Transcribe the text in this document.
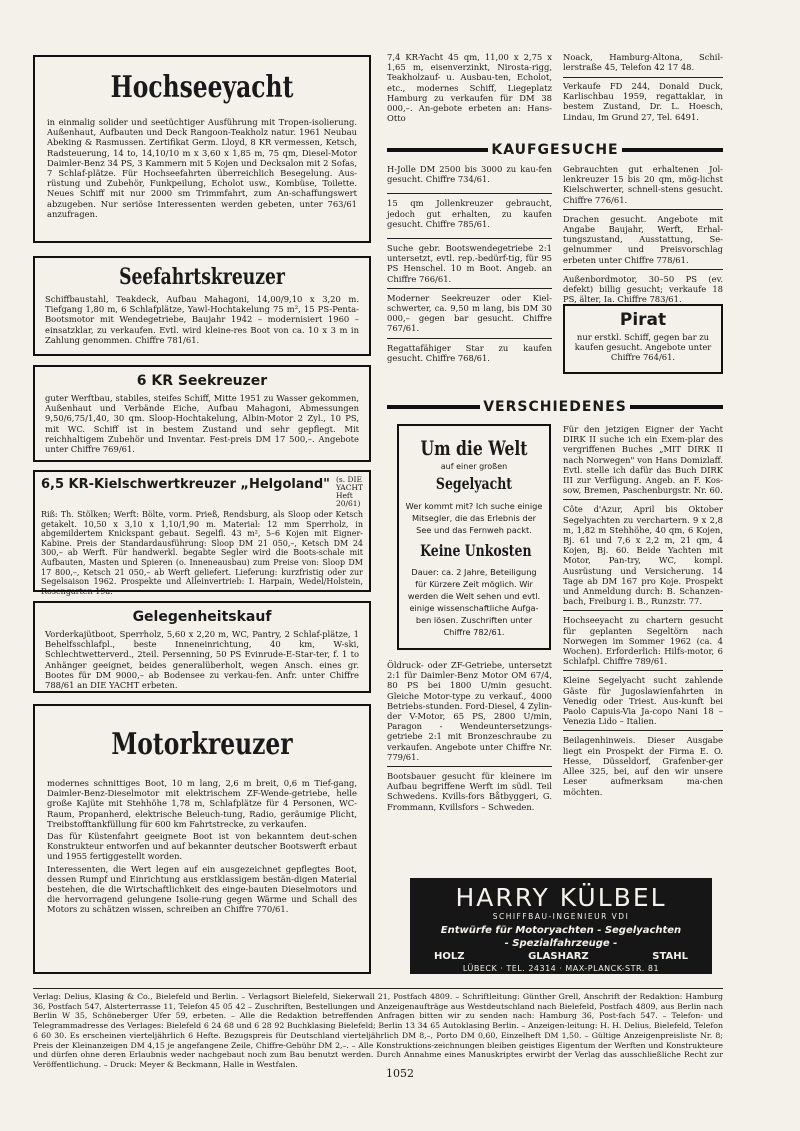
Hochseeyacht

in einmalig solider und seetüchtiger Ausführung mit Tropen-isolierung. Außenhaut, Aufbauten und Deck Rangoon-Teakholz natur. 1961 Neubau Abeking & Rasmussen. Zertifikat Germ. Lloyd, 8 KR vermessen, Ketsch, Radsteuerung, 14 to, 14,10/10 m x 3,60 x 1,85 m, 75 qm, Diesel-Motor Daimler-Benz 34 PS, 3 Kammern mit 5 Kojen und Decksalon mit 2 Sofas, 7 Schlaf-plätze. Für Hochseefahrten überreichlich Besegelung. Aus-rüstung und Zubehör, Funkpeilung, Echolot usw., Kombüse, Toilette. Neues Schiff mit nur 2000 sm Trimmfahrt, zum An-schaffungswert abzugeben. Nur seriöse Interessenten werden gebeten, unter 763/61 anzufragen.

Seefahrtskreuzer

Schiffbaustahl, Teakdeck, Aufbau Mahagoni, 14,00/9,10 x 3,20 m. Tiefgang 1,80 m, 6 Schlafplätze, Yawl-Hochtakelung 75 m², 15 PS-Penta-Bootsmotor mit Wendegetriebe, Baujahr 1942 – modernisiert 1960 – einsatzklar, zu verkaufen. Evtl. wird kleine-res Boot von ca. 10 x 3 m in Zahlung genommen. Chiffre 781/61.

6 KR Seekreuzer

guter Werftbau, stabiles, steifes Schiff, Mitte 1951 zu Wasser gekommen, Außenhaut und Verbände Eiche, Aufbau Mahagoni, Abmessungen 9,50/6,75/1,40, 30 qm. Sloop-Hochtakelung, Albin-Motor 2 Zyl., 10 PS, mit WC. Schiff ist in bestem Zustand und sehr gepflegt. Mit reichhaltigem Zubehör und Inventar. Fest-preis DM 17 500,–. Angebote unter Chiffre 769/61.

6,5 KR-Kielschwertkreuzer „Helgoland" (s. DIE YACHT Heft 20/61)

Riß: Th. Stölken; Werft: Bölte, vorm. Prieß, Rendsburg, als Sloop oder Ketsch getakelt. 10,50 x 3,10 x 1,10/1,90 m. Material: 12 mm Sperrholz, in abgemildertem Knickspant gebaut. Segelfl. 43 m², 5–6 Kojen mit Eigner-Kabine. Preis der Standardausführung: Sloop DM 21 050,–, Ketsch DM 24 300,– ab Werft. Für handwerkl. begabte Segler wird die Boots-schale mit Aufbauten, Masten und Spieren (o. Inneneausbau) zum Preise von: Sloop DM 17 800,–, Ketsch 21 050,– ab Werft geliefert. Lieferung: kurzfristig oder zur Segelsaison 1962. Prospekte und Alleinvertrieb: I. Harpain, Wedel/Holstein, Rosengarten 19a.

Gelegenheitskauf

Vorderkajütboot, Sperrholz, 5,60 x 2,20 m, WC, Pantry, 2 Schlaf-plätze, 1 Behelfsschlafpl., beste Inneneinrichtung, 40 km, W-ski, Schlechtwetterverd., 2teil. Persenning, 50 PS Evinrude-E-Star-ter, f. 1 to Anhänger geeignet, beides generalüberholt, wegen Ansch. eines gr. Bootes für DM 9000,– ab Bodensee zu verkau-fen. Anfr. unter Chiffre 788/61 an DIE YACHT erbeten.

Motorkreuzer

modernes schnittiges Boot, 10 m lang, 2,6 m breit, 0,6 m Tief-gang, Daimler-Benz-Dieselmotor mit elektrischem ZF-Wende-getriebe, helle große Kajüte mit Stehhöhe 1,78 m, Schlafplätze für 4 Personen, WC-Raum, Propanherd, elektrische Beleuch-tung, Radio, geräumige Plicht, Treibstofftankfüllung für 600 km Fahrtstrecke, zu verkaufen.

Das für Küstenfahrt geeignete Boot ist von bekanntem deut-schen Konstrukteur entworfen und auf bekannter deutscher Bootswerft erbaut und 1955 fertiggestellt worden.

Interessenten, die Wert legen auf ein ausgezeichnet gepflegtes Boot, dessen Rumpf und Einrichtung aus erstklassigem bestän-digen Material bestehen, die die Wirtschaftlichkeit des einge-bauten Dieselmotors und die hervorragend gelungene Isolie-rung gegen Wärme und Schall des Motors zu schätzen wissen, schreiben an Chiffre 770/61.

7,4 KR-Yacht 45 qm, 11,00 x 2,75 x 1,65 m, eisenverzinkt, Nirosta-rigg, Teakholzauf- u. Ausbau-ten, Echolot, etc., modernes Schiff, Liegeplatz Hamburg zu verkaufen für DM 38 000,–. An-gebote erbeten an: Hans-Otto

Noack, Hamburg-Altona, Schil-lerstraße 45, Telefon 42 17 48.

Verkaufe FD 244, Donald Duck, Karlischbau 1959, regattaklar, in bestem Zustand, Dr. L. Hoesch, Lindau, Im Grund 27, Tel. 6491.

KAUFGESUCHE

H-Jolle DM 2500 bis 3000 zu kau-fen gesucht. Chiffre 734/61.

15 qm Jollenkreuzer gebraucht, jedoch gut erhalten, zu kaufen gesucht. Chiffre 785/61.

Suche gebr. Bootswendegetriebe 2:1 untersetzt, evtl. rep.-bedürf-tig, für 95 PS Henschel. 10 m Boot. Angeb. an Chiffre 766/61.

Moderner Seekreuzer oder Kiel-schwerter, ca. 9,50 m lang, bis DM 30 000,– gegen bar gesucht. Chiffre 767/61.

Regattafähiger Star zu kaufen gesucht. Chiffre 768/61.

Gebrauchten gut erhaltenen Jol-lenkreuzer 15 bis 20 qm, mög-lichst Kielschwerter, schnell-stens gesucht. Chiffre 776/61.

Drachen gesucht. Angebote mit Angabe Baujahr, Werft, Erhal-tungszustand, Ausstattung, Se-gelnummer und Preisvorschlag erbeten unter Chiffre 778/61.

Außenbordmotor, 30–50 PS (ev. defekt) billig gesucht; verkaufe 18 PS, älter, Ia. Chiffre 783/61.

Pirat

nur erstkl. Schiff, gegen bar zu kaufen gesucht. Angebote unter Chiffre 764/61.

VERSCHIEDENES
Um die Welt
auf einer großen
Segelyacht

Wer kommt mit? Ich suche einige Mitsegler, die das Erlebnis der See und das Fernweh packt.

Keine Unkosten

Dauer: ca. 2 Jahre, Beteiligung für Kürzere Zeit möglich. Wir werden die Welt sehen und evtl. einige wissenschaftliche Aufga-ben lösen. Zuschriften unter Chiffre 782/61.

Öldruck- oder ZF-Getriebe, untersetzt 2:1 für Daimler-Benz Motor OM 67/4, 80 PS bei 1800 U/min gesucht. Gleiche Motor-type zu verkauf., 4000 Betriebs-stunden. Ford-Diesel, 4 Zylin-der V-Motor, 65 PS, 2800 U/min, Paragon - Wendeuntersetzungs-getriebe 2:1 mit Bronzeschraube zu verkaufen. Angebote unter Chiffre Nr. 779/61.

Bootsbauer gesucht für kleinere im Aufbau begriffene Werft im südl. Teil Schwedens. Kvills-fors Båtbyggeri, G. Frommann, Kvillsfors – Schweden.

Für den jetzigen Eigner der Yacht DIRK II suche ich ein Exem-plar des vergriffenen Buches „MIT DIRK II nach Norwegen" von Hans Domizlaff. Evtl. stelle ich dafür das Buch DIRK III zur Verfügung. Angeb. an F. Kos-sow, Bremen, Paschenburgstr. Nr. 60.

Côte d'Azur, April bis Oktober Segelyachten zu verchartern. 9 x 2,8 m, 1,82 m Stehhöhe, 40 qm, 6 Kojen, Bj. 61 und 7,6 x 2,2 m, 21 qm, 4 Kojen, Bj. 60. Beide Yachten mit Motor, Pan-try, WC, kompl. Ausrüstung und Versicherung. 14 Tage ab DM 167 pro Koje. Prospekt und Anmeldung durch: B. Schanzen-bach, Freiburg i. B., Runzstr. 77.

Hochseeyacht zu chartern gesucht für geplanten Segeltörn nach Norwegen im Sommer 1962 (ca. 4 Wochen). Erforderlich: Hilfs-motor, 6 Schlafpl. Chiffre 789/61.

Kleine Segelyacht sucht zahlende Gäste für Jugoslawienfahrten in Venedig oder Triest. Aus-kunft bei Paolo Capuis-Via Ja-copo Nani 18 – Venezia Lido – Italien.

Beilagenhinweis. Dieser Ausgabe liegt ein Prospekt der Firma E. O. Hesse, Düsseldorf, Grafenber-ger Allee 325, bei, auf den wir unsere Leser aufmerksam ma-chen möchten.

HARRY KÜLBEL
SCHIFFBAU-INGENIEUR VDI
Entwürfe für Motoryachten - Segelyachten
- Spezialfahrzeuge -
HOLZ	GLASHARZ	STAHL
LÜBECK · TEL. 24314 · MAX-PLANCK-STR. 81

Verlag: Delius, Klasing & Co., Bielefeld und Berlin. – Verlagsort Bielefeld, Siekerwall 21, Postfach 4809. – Schriftleitung: Günther Grell, Anschrift der Redaktion: Hamburg 36, Postfach 547, Alsterterrasse 11, Telefon 45 05 42 – Zuschriften, Bestellungen und Anzeigenaufträge aus Westdeutschland nach Bielefeld, Postfach 4809, aus Berlin nach Berlin W 35, Schöneberger Ufer 59, erbeten. – Alle die Redaktion betreffenden Anfragen bitten wir zu senden nach: Hamburg 36, Post-fach 547. – Telefon- und Telegrammadresse des Verlages: Bielefeld 6 24 68 und 6 28 92 Buchklasing Bielefeld; Berlin 13 34 65 Autoklasing Berlin. – Anzeigen-leitung: H. H. Delius, Bielefeld, Telefon 6 60 30. Es erscheinen vierteljährlich 6 Hefte. Bezugspreis für Deutschland vierteljährlich DM 8,–, Porto DM 0,60, Einzelheft DM 1,50. – Gültige Anzeigenpreisliste Nr. 8; Preis der Kleinanzeigen DM 4,15 je angefangene Zeile, Chiffre-Gebühr DM 2,–. – Alle Konstruktions-zeichnungen bleiben geistiges Eigentum der Werften und Konstrukteure und dürfen ohne deren Erlaubnis weder nachgebaut noch zum Bau benutzt werden. Durch Annahme eines Manuskriptes erwirbt der Verlag das ausschließliche Recht zur Veröffentlichung. – Druck: Meyer & Beckmann, Halle in Westfalen.

1052
